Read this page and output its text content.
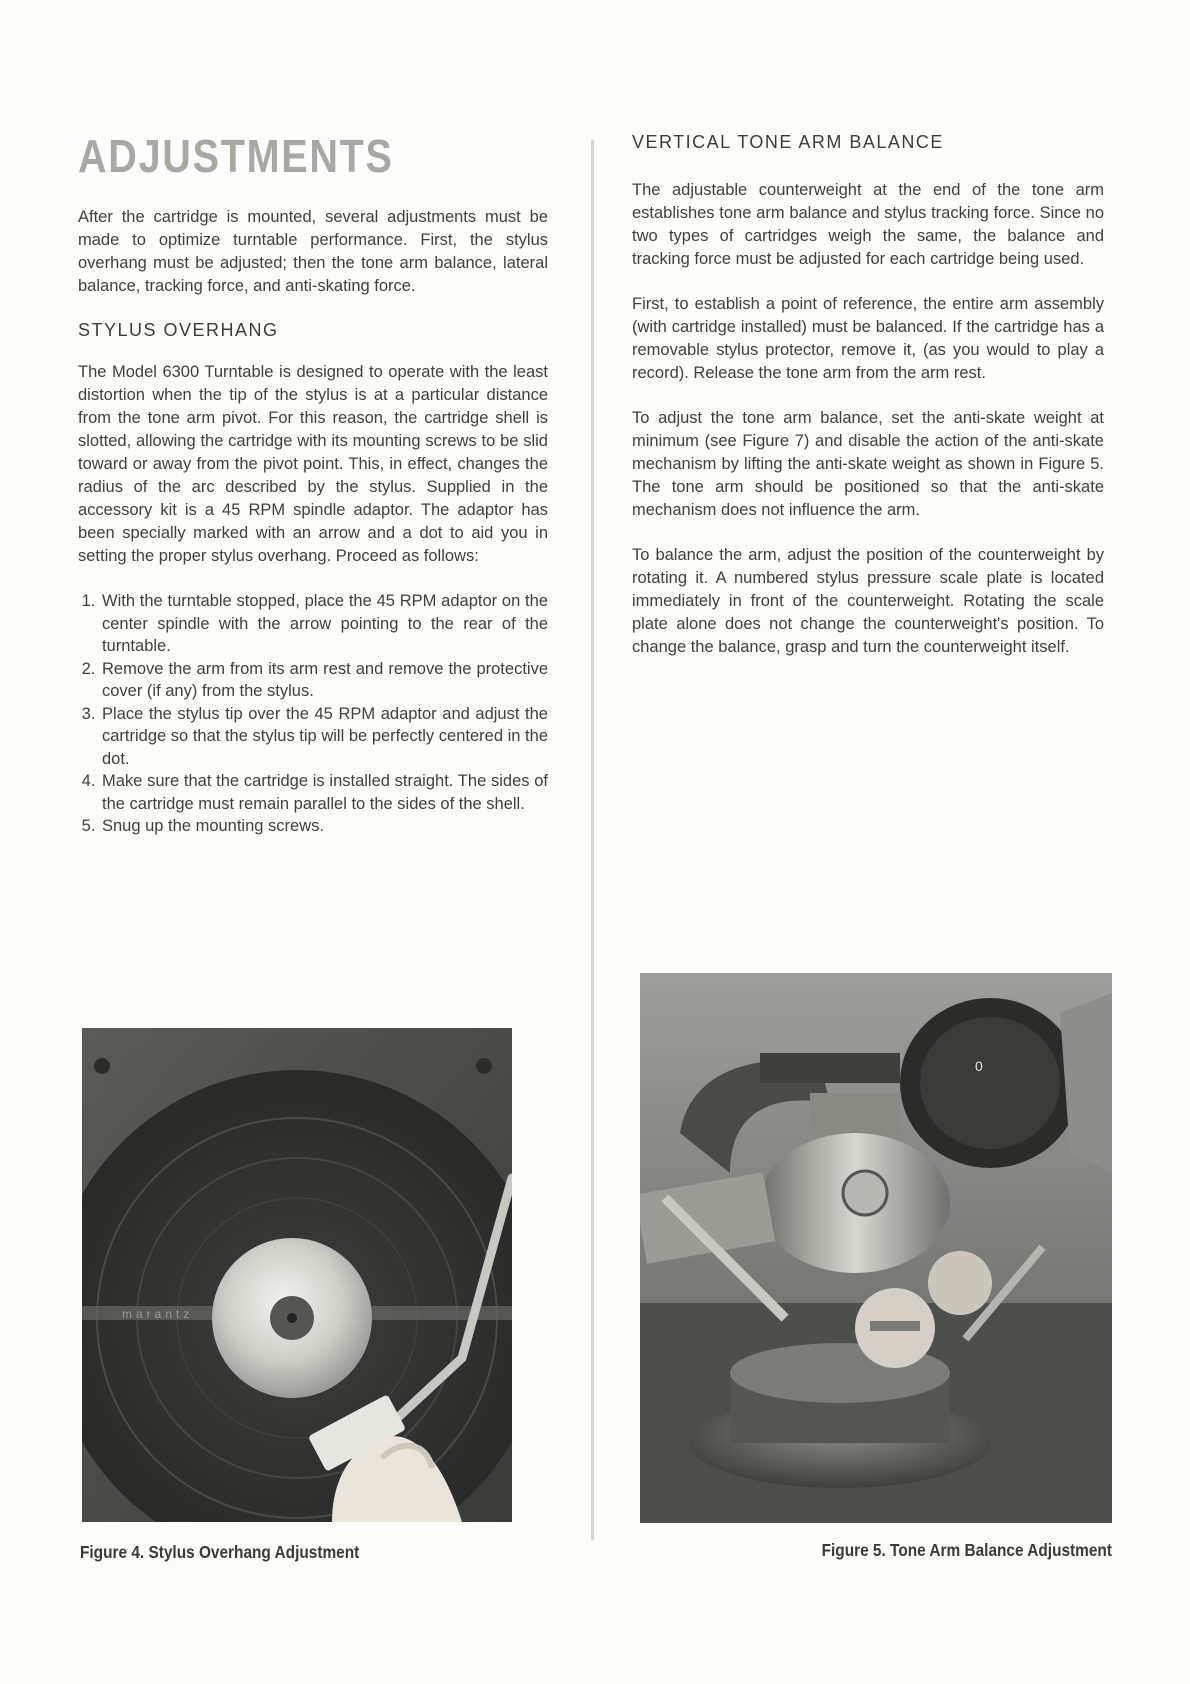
ADJUSTMENTS

After the cartridge is mounted, several adjustments must be made to optimize turntable performance. First, the stylus overhang must be adjusted; then the tone arm balance, lateral balance, tracking force, and anti-skating force.

STYLUS OVERHANG

The Model 6300 Turntable is designed to operate with the least distortion when the tip of the stylus is at a particular distance from the tone arm pivot. For this reason, the cartridge shell is slotted, allowing the cartridge with its mounting screws to be slid toward or away from the pivot point. This, in effect, changes the radius of the arc described by the stylus. Supplied in the accessory kit is a 45 RPM spindle adaptor. The adaptor has been specially marked with an arrow and a dot to aid you in setting the proper stylus overhang. Proceed as follows:

1. With the turntable stopped, place the 45 RPM adaptor on the center spindle with the arrow pointing to the rear of the turntable.
2. Remove the arm from its arm rest and remove the protective cover (if any) from the stylus.
3. Place the stylus tip over the 45 RPM adaptor and adjust the cartridge so that the stylus tip will be perfectly centered in the dot.
4. Make sure that the cartridge is installed straight. The sides of the cartridge must remain parallel to the sides of the shell.
5. Snug up the mounting screws.
VERTICAL TONE ARM BALANCE

The adjustable counterweight at the end of the tone arm establishes tone arm balance and stylus tracking force. Since no two types of cartridges weigh the same, the balance and tracking force must be adjusted for each cartridge being used.

First, to establish a point of reference, the entire arm assembly (with cartridge installed) must be balanced. If the cartridge has a removable stylus protector, remove it, (as you would to play a record). Release the tone arm from the arm rest.

To adjust the tone arm balance, set the anti-skate weight at minimum (see Figure 7) and disable the action of the anti-skate mechanism by lifting the anti-skate weight as shown in Figure 5. The tone arm should be positioned so that the anti-skate mechanism does not influence the arm.

To balance the arm, adjust the position of the counterweight by rotating it. A numbered stylus pressure scale plate is located immediately in front of the counterweight. Rotating the scale plate alone does not change the counterweight's position. To change the balance, grasp and turn the counterweight itself.

marantz
Figure 4. Stylus Overhang Adjustment
0
Figure 5. Tone Arm Balance Adjustment
